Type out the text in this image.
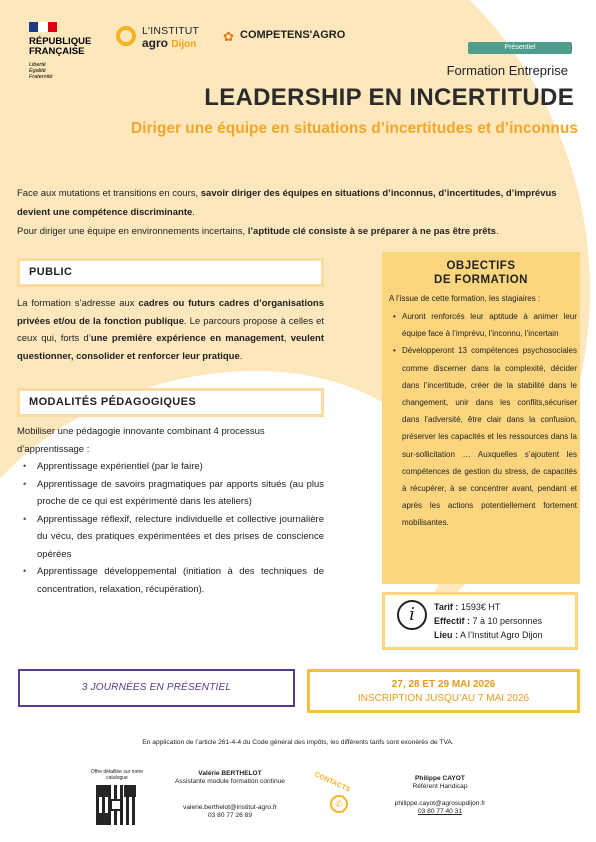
RÉPUBLIQUE
FRANÇAISE
Liberté
Égalité
Fraternité
L'INSTITUT
agro Dijon
✿ COMPETENS'AGRO
Présentiel
Formation Entreprise
LEADERSHIP EN INCERTITUDE
Diriger une équipe en situations d’incertitudes et d’inconnus
Face aux mutations et transitions en cours, savoir diriger des équipes en situations d’inconnus, d’incertitudes, d’imprévus devient une compétence discriminante.
Pour diriger une équipe en environnements incertains, l’aptitude clé consiste à se préparer à ne pas être prêts.
PUBLIC
La formation s’adresse aux cadres ou futurs cadres d’organisations privées et/ou de la fonction publique. Le parcours propose à celles et ceux qui, forts d’une première expérience en management, veulent questionner, consolider et renforcer leur pratique.
MODALITÉS PÉDAGOGIQUES
Mobiliser une pédagogie innovante combinant 4 processus d’apprentissage :
• Apprentissage expérientiel (par le faire)
• Apprentissage de savoirs pragmatiques par apports situés (au plus proche de ce qui est expérimenté dans les ateliers)
• Apprentissage réflexif, relecture individuelle et collective journalière du vécu, des pratiques expérimentées et des prises de conscience opérées
• Apprentissage développemental (initiation à des techniques de concentration, relaxation, récupération).
OBJECTIFS
DE FORMATION
A l’issue de cette formation, les stagiaires :
• Auront renforcés leur aptitude à animer leur équipe face à l’imprévu, l’inconnu, l’incertain
• Développeront 13 compétences psychosociales comme discerner dans la complexité, décider dans l’incertitude, créer de la stabilité dans le changement, unir dans les conflits,sécuriser dans l’adversité, être clair dans la confusion, préserver les capacités et les ressources dans la sur-sollicitation … Auxquelles s’ajoutent les compétences de gestion du stress, de capacités à récupérer, à se concentrer avant, pendant et après les actions potentiellement fortement mobilisantes.
i	Tarif : 1593€ HT
Effectif : 7 à 10 personnes
Lieu : A l’Institut Agro Dijon
3 JOURNÉES EN PRÉSENTIEL	27, 28 ET 29 MAI 2026
INSCRIPTION JUSQU’AU 7 MAI 2026
En application de l’article 261-4-4 du Code général des impôts, les différents tarifs sont exonérés de TVA.
Offre détaillée sur notre catalogue
Valérie BERTHELOT
Assistante module formation continue
valerie.berthelot@institut-agro.fr
03 80 77 26 89
CONTACTS
✆
Philippe CAYOT
Référent Handicap
philippe.cayot@agrosupdijon.fr
03 80 77 40 31
